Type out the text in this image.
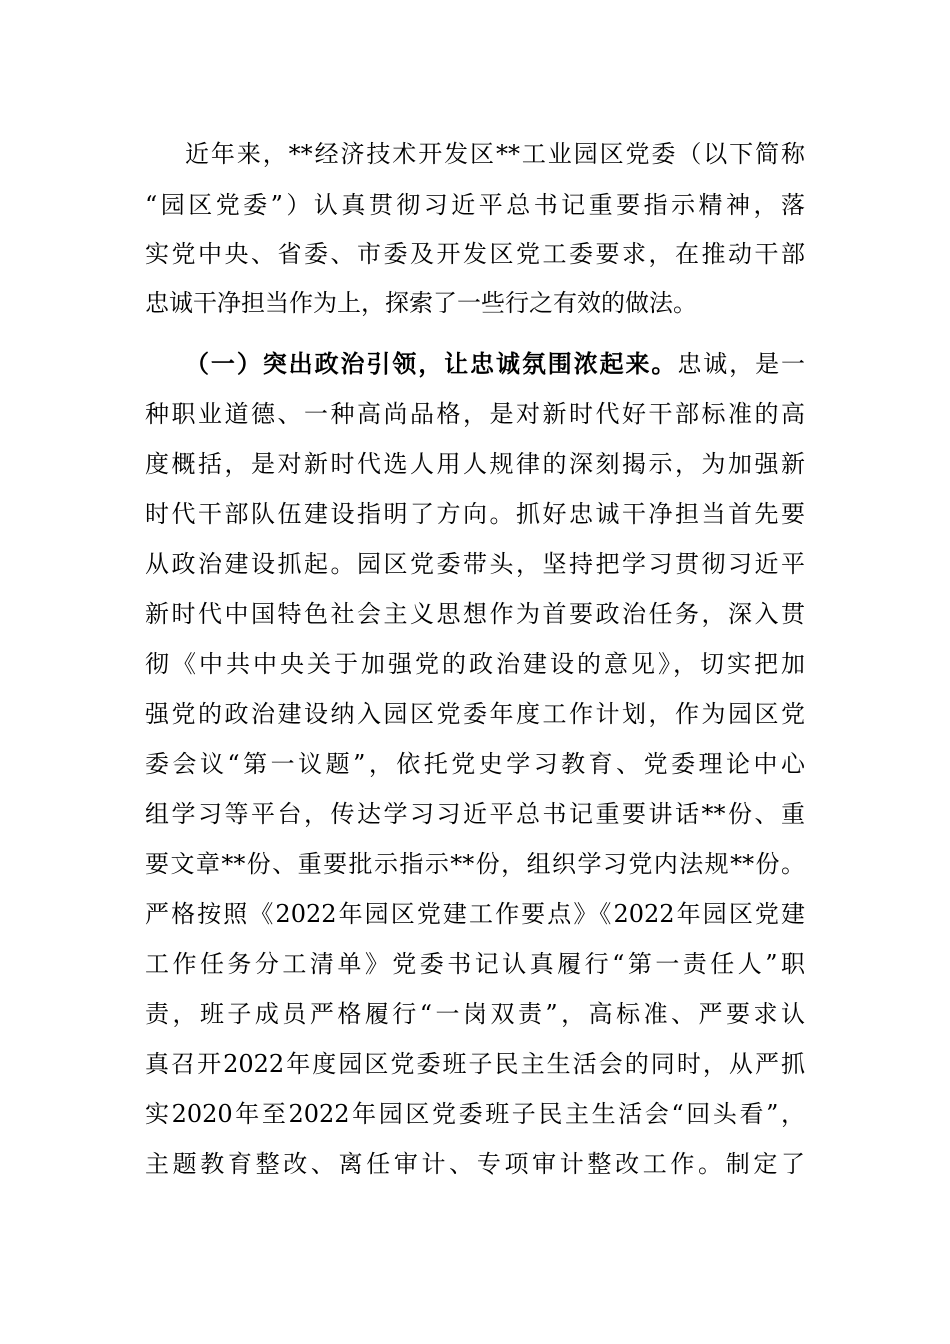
近年来，**经济技术开发区**工业园区党委（以下简称
“园区党委”）认真贯彻习近平总书记重要指示精神，落
实党中央、省委、市委及开发区党工委要求，在推动干部
忠诚干净担当作为上，探索了一些行之有效的做法。
（一）突出政治引领，让忠诚氛围浓起来。忠诚，是一
种职业道德、一种高尚品格，是对新时代好干部标准的高
度概括，是对新时代选人用人规律的深刻揭示，为加强新
时代干部队伍建设指明了方向。抓好忠诚干净担当首先要
从政治建设抓起。园区党委带头，坚持把学习贯彻习近平
新时代中国特色社会主义思想作为首要政治任务，深入贯
彻《中共中央关于加强党的政治建设的意见》，切实把加
强党的政治建设纳入园区党委年度工作计划，作为园区党
委会议“第一议题”，依托党史学习教育、党委理论中心
组学习等平台，传达学习习近平总书记重要讲话**份、重
要文章**份、重要批示指示**份，组织学习党内法规**份。
严格按照《2022年园区党建工作要点》《2022年园区党建
工作任务分工清单》党委书记认真履行“第一责任人”职
责，班子成员严格履行“一岗双责”，高标准、严要求认
真召开2022年度园区党委班子民主生活会的同时，从严抓
实2020年至2022年园区党委班子民主生活会“回头看”，
主题教育整改、离任审计、专项审计整改工作。制定了
